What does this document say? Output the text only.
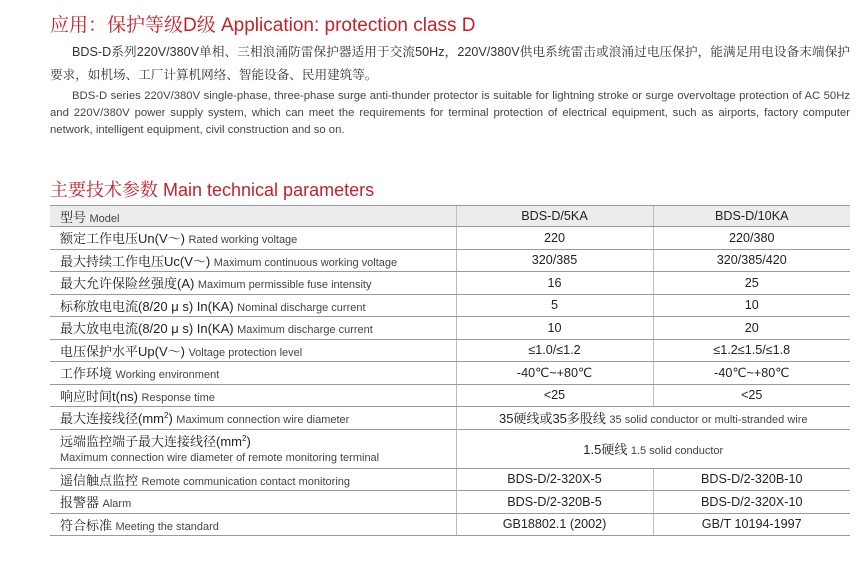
应用：保护等级D级 Application: protection class D
BDS-D系列220V/380V单相、三相浪涌防雷保护器适用于交流50Hz，220V/380V供电系统雷击或浪涌过电压保护，能满足用电设备末端保护要求，如机场、工厂计算机网络、智能设备、民用建筑等。
BDS-D series 220V/380V single-phase, three-phase surge anti-thunder protector is suitable for lightning stroke or surge overvoltage protection of AC 50Hz and 220V/380V power supply system, which can meet the requirements for terminal protection of electrical equipment, such as airports, factory computer network, intelligent equipment, civil construction and so on.
主要技术参数 Main technical parameters
型号 Model	BDS-D/5KA	BDS-D/10KA
额定工作电压Un(V～) Rated working voltage	220	220/380
最大持续工作电压Uc(V～) Maximum continuous working voltage	320/385	320/385/420
最大允许保险丝强度(A) Maximum permissible fuse intensity	16	25
标称放电电流(8/20 μ s) In(KA) Nominal discharge current	5	10
最大放电电流(8/20 μ s) In(KA) Maximum discharge current	10	20
电压保护水平Up(V～) Voltage protection level	≤1.0/≤1.2	≤1.2≤1.5/≤1.8
工作环境 Working environment	-40℃~+80℃	-40℃~+80℃
响应时间t(ns) Response time	<25	<25
最大连接线径$(mm^2)$ Maximum connection wire diameter	35硬线或35多股线 35 solid conductor or multi-stranded wire	
远端监控端子最大连接线径$(mm^2)$
Maximum connection wire diameter of remote monitoring terminal	1.5硬线 1.5 solid conductor	
遥信触点监控 Remote communication contact monitoring	BDS-D/2-320X-5	BDS-D/2-320B-10
报警器 Alarm	BDS-D/2-320B-5	BDS-D/2-320X-10
符合标准 Meeting the standard	GB18802.1 (2002)	GB/T 10194-1997
